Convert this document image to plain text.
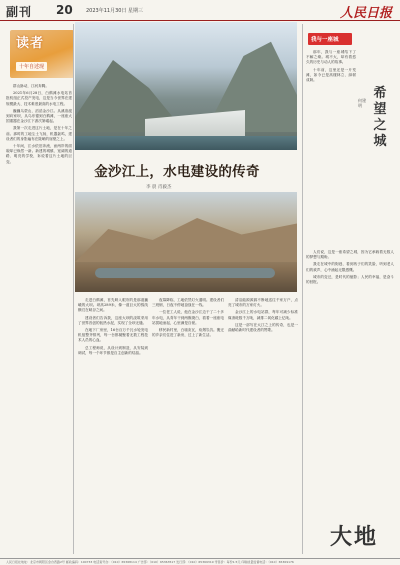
副刊 20	2023年11月30日 星期三	人民日报
读者
十年自述现

群山脉动，江河奔腾。

2021年6月28日，白鹤滩水电站首批机组正式投产发电，这是当今世界在建规模最大、技术难度最高的水电工程。

巍巍乌蒙山，滔滔金沙江。从溪洛渡到向家坝，从乌东德到白鹤滩，一座座大国重器在金沙江下游次第崛起。

我第一次走进这片土地，是在十年之前。那时的工地尘土飞扬，机器轰鸣，建设者们的身影遍布在陡峭的崖壁之上。

十年间，江水依旧奔流，而两岸的面貌却已焕然一新。新建的城镇、宽阔的道路、明亮的学校，诉说着这片土地的巨变。

金沙江上，水电建设的传奇
李 晨 肖毅杰

走进白鹤滩，首先映入眼帘的是那道巍峨的大坝。坝高289米，像一道巨大的弧线横亘在峡谷之间。

建设者们告诉我，这座大坝的浇筑采用了世界首创的低热水泥，实现了全坝无缝。

在地下厂房里，16台百万千瓦水轮发电机组整齐排列，每一台都凝聚着无数工程技术人员的心血。

总工程师说，从设计到制造，从安装到调试，每一个环节都是自主创新的结晶。

夜幕降临，工地依然灯火通明。建设者们三班倒，日夜不停地奋战在一线。

一位老工人说，他在金沙江边干了二十多年水电，从青年干到两鬓斑白，看着一座座电站拔地而起，心里满是自豪。

移民新村里，白墙灰瓦，炊烟袅袅。搬迁的乡亲们住进了新房，过上了新生活。

清洁能源源源不断地送往千家万户，点亮了城市的万家灯火。

金沙江上的水电站群，每年可减少标准煤消耗数千万吨，减排二氧化碳上亿吨。

这是一部写在大江之上的传奇，也是一曲献给新时代建设者的赞歌。

我与一座城
希望之城
何建明

那年，我与一座城结下了不解之缘。城不大，却有着悠久的历史与动人的故事。

十年前，这里还是一片荒滩，如今已是高楼林立、绿树成荫。

人们说，这是一座希望之城，因为它承载着无数人的梦想与期盼。

我走在城中的街巷，看到孩子们的笑脸，听到老人们的欢声，心中涌起无限感慨。

城市的变迁，是时代的缩影；人民的幸福，是奋斗的回报。

大地
人民日报社地址：北京市朝阳区金台西路2号 邮政编码：100733 电话查号台：（010）65368114 广告部：（010）65363517 发行部：（010）65369319 零售价：每份1.5元 印刷质量监督电话：（010）65369176
